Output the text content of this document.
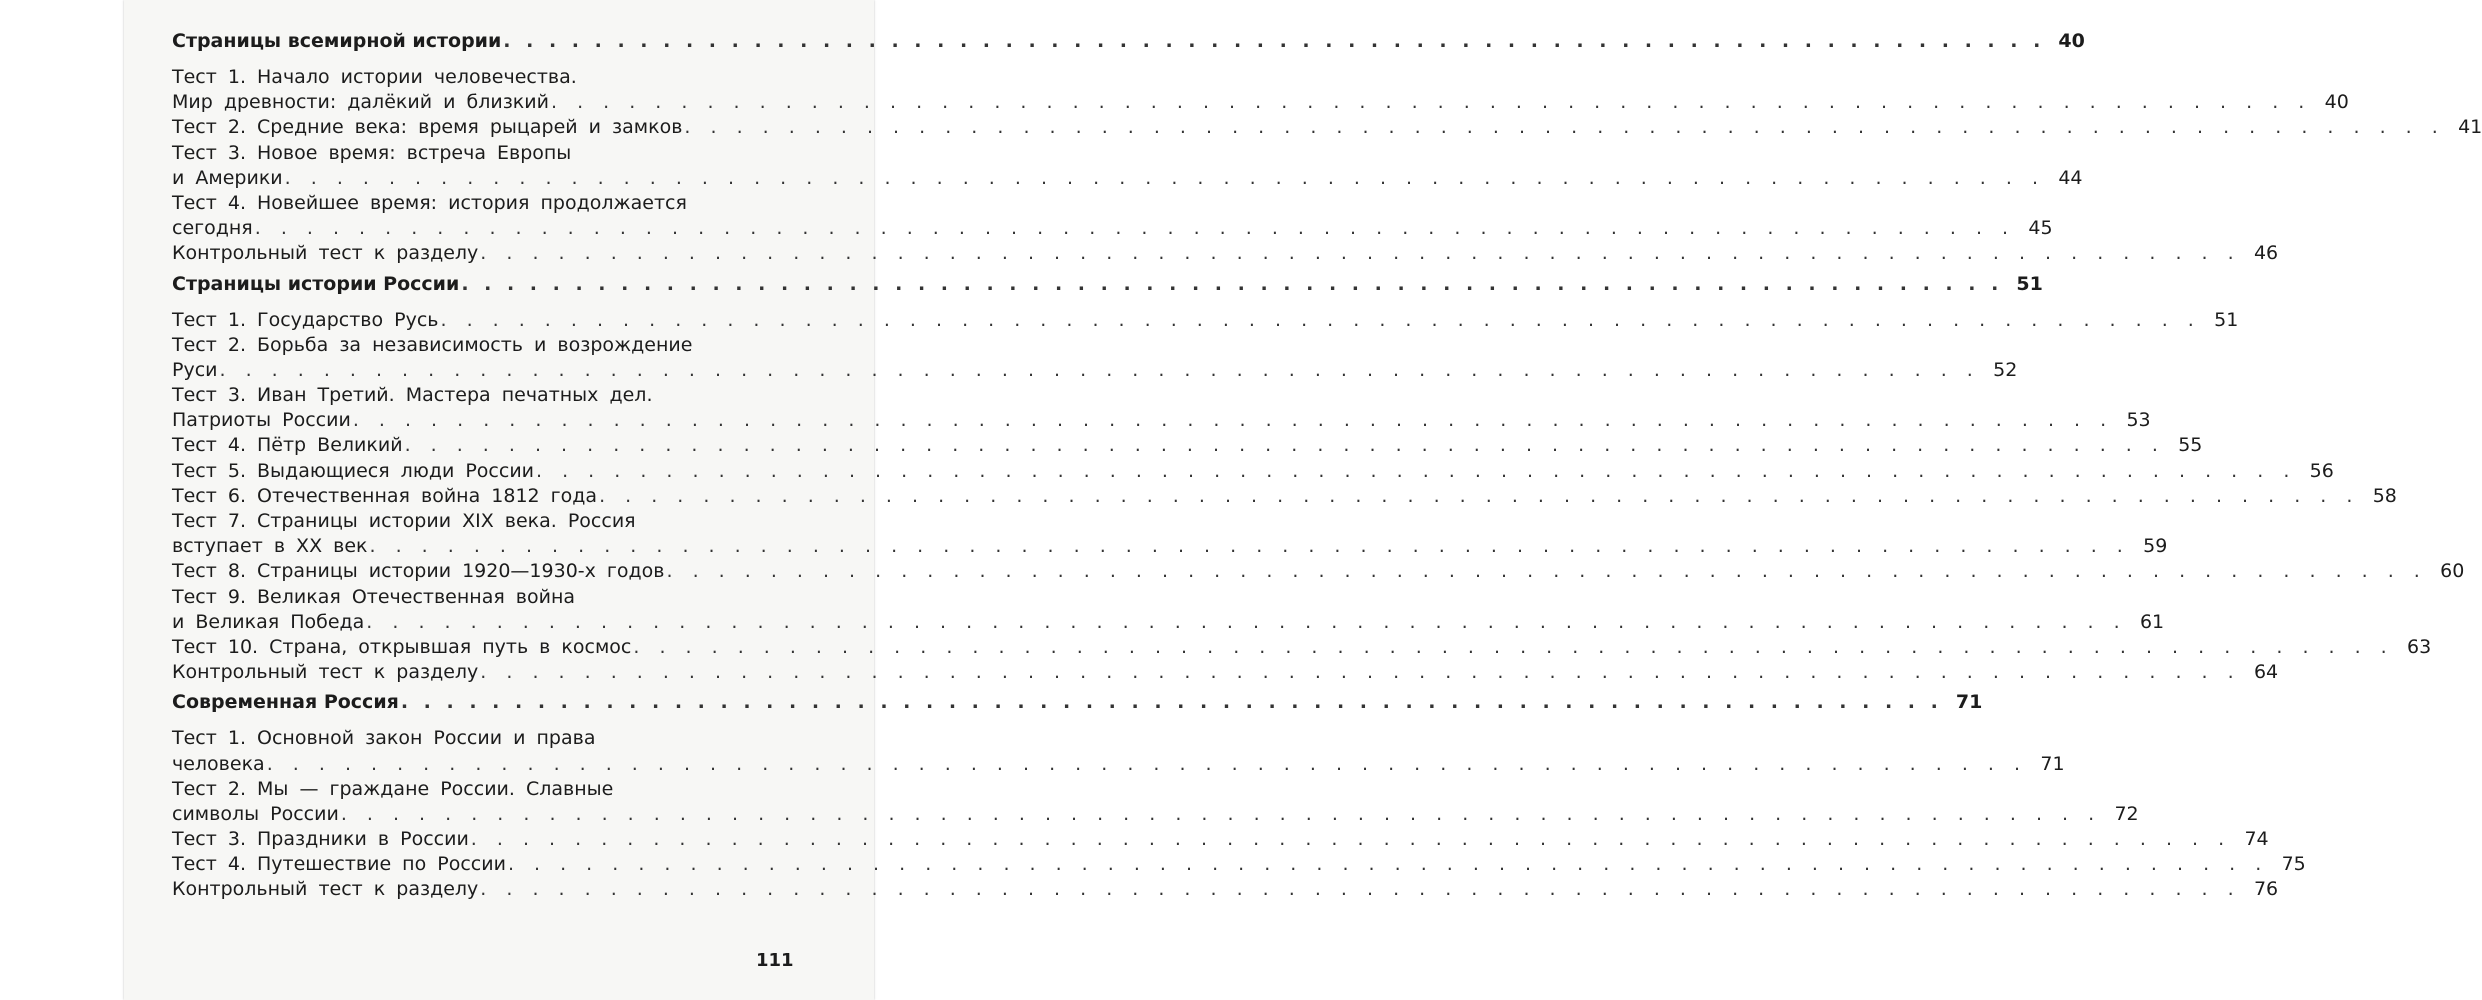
Страницы всемирной истории . . . . . . . . . . . . . . . . . . . . . . . . . . . . . . . . . . . . . . . . . . . . . . . . . . . . . . . . . . . . . . . . . . . . 40
Тест 1. Начало истории человечества.
Мир древности: далёкий и близкий . . . . . . . . . . . . . . . . . . . . . . . . . . . . . . . . . . . . . . . . . . . . . . . . . . . . . . . . . . . . . . . . . . . . 40
Тест 2. Средние века: время рыцарей и замков . . . . . . . . . . . . . . . . . . . . . . . . . . . . . . . . . . . . . . . . . . . . . . . . . . . . . . . . . . . . . . . . . . . . 41
Тест 3. Новое время: встреча Европы
и Америки . . . . . . . . . . . . . . . . . . . . . . . . . . . . . . . . . . . . . . . . . . . . . . . . . . . . . . . . . . . . . . . . . . . . 44
Тест 4. Новейшее время: история продолжается
сегодня . . . . . . . . . . . . . . . . . . . . . . . . . . . . . . . . . . . . . . . . . . . . . . . . . . . . . . . . . . . . . . . . . . . . 45
Контрольный тест к разделу . . . . . . . . . . . . . . . . . . . . . . . . . . . . . . . . . . . . . . . . . . . . . . . . . . . . . . . . . . . . . . . . . . . . 46
Страницы истории России . . . . . . . . . . . . . . . . . . . . . . . . . . . . . . . . . . . . . . . . . . . . . . . . . . . . . . . . . . . . . . . . . . . . 51
Тест 1. Государство Русь . . . . . . . . . . . . . . . . . . . . . . . . . . . . . . . . . . . . . . . . . . . . . . . . . . . . . . . . . . . . . . . . . . . . 51
Тест 2. Борьба за независимость и возрождение
Руси . . . . . . . . . . . . . . . . . . . . . . . . . . . . . . . . . . . . . . . . . . . . . . . . . . . . . . . . . . . . . . . . . . . . 52
Тест 3. Иван Третий. Мастера печатных дел.
Патриоты России . . . . . . . . . . . . . . . . . . . . . . . . . . . . . . . . . . . . . . . . . . . . . . . . . . . . . . . . . . . . . . . . . . . . 53
Тест 4. Пётр Великий . . . . . . . . . . . . . . . . . . . . . . . . . . . . . . . . . . . . . . . . . . . . . . . . . . . . . . . . . . . . . . . . . . . . 55
Тест 5. Выдающиеся люди России . . . . . . . . . . . . . . . . . . . . . . . . . . . . . . . . . . . . . . . . . . . . . . . . . . . . . . . . . . . . . . . . . . . . 56
Тест 6. Отечественная война 1812 года . . . . . . . . . . . . . . . . . . . . . . . . . . . . . . . . . . . . . . . . . . . . . . . . . . . . . . . . . . . . . . . . . . . . 58
Тест 7. Страницы истории XIX века. Россия
вступает в XX век . . . . . . . . . . . . . . . . . . . . . . . . . . . . . . . . . . . . . . . . . . . . . . . . . . . . . . . . . . . . . . . . . . . . 59
Тест 8. Страницы истории 1920—1930-х годов . . . . . . . . . . . . . . . . . . . . . . . . . . . . . . . . . . . . . . . . . . . . . . . . . . . . . . . . . . . . . . . . . . . . 60
Тест 9. Великая Отечественная война
и Великая Победа . . . . . . . . . . . . . . . . . . . . . . . . . . . . . . . . . . . . . . . . . . . . . . . . . . . . . . . . . . . . . . . . . . . . 61
Тест 10. Страна, открывшая путь в космос . . . . . . . . . . . . . . . . . . . . . . . . . . . . . . . . . . . . . . . . . . . . . . . . . . . . . . . . . . . . . . . . . . . . 63
Контрольный тест к разделу . . . . . . . . . . . . . . . . . . . . . . . . . . . . . . . . . . . . . . . . . . . . . . . . . . . . . . . . . . . . . . . . . . . . 64
Современная Россия . . . . . . . . . . . . . . . . . . . . . . . . . . . . . . . . . . . . . . . . . . . . . . . . . . . . . . . . . . . . . . . . . . . . 71
Тест 1. Основной закон России и права
человека . . . . . . . . . . . . . . . . . . . . . . . . . . . . . . . . . . . . . . . . . . . . . . . . . . . . . . . . . . . . . . . . . . . . 71
Тест 2. Мы — граждане России. Славные
символы России . . . . . . . . . . . . . . . . . . . . . . . . . . . . . . . . . . . . . . . . . . . . . . . . . . . . . . . . . . . . . . . . . . . . 72
Тест 3. Праздники в России . . . . . . . . . . . . . . . . . . . . . . . . . . . . . . . . . . . . . . . . . . . . . . . . . . . . . . . . . . . . . . . . . . . . 74
Тест 4. Путешествие по России . . . . . . . . . . . . . . . . . . . . . . . . . . . . . . . . . . . . . . . . . . . . . . . . . . . . . . . . . . . . . . . . . . . . 75
Контрольный тест к разделу . . . . . . . . . . . . . . . . . . . . . . . . . . . . . . . . . . . . . . . . . . . . . . . . . . . . . . . . . . . . . . . . . . . . 76
111
